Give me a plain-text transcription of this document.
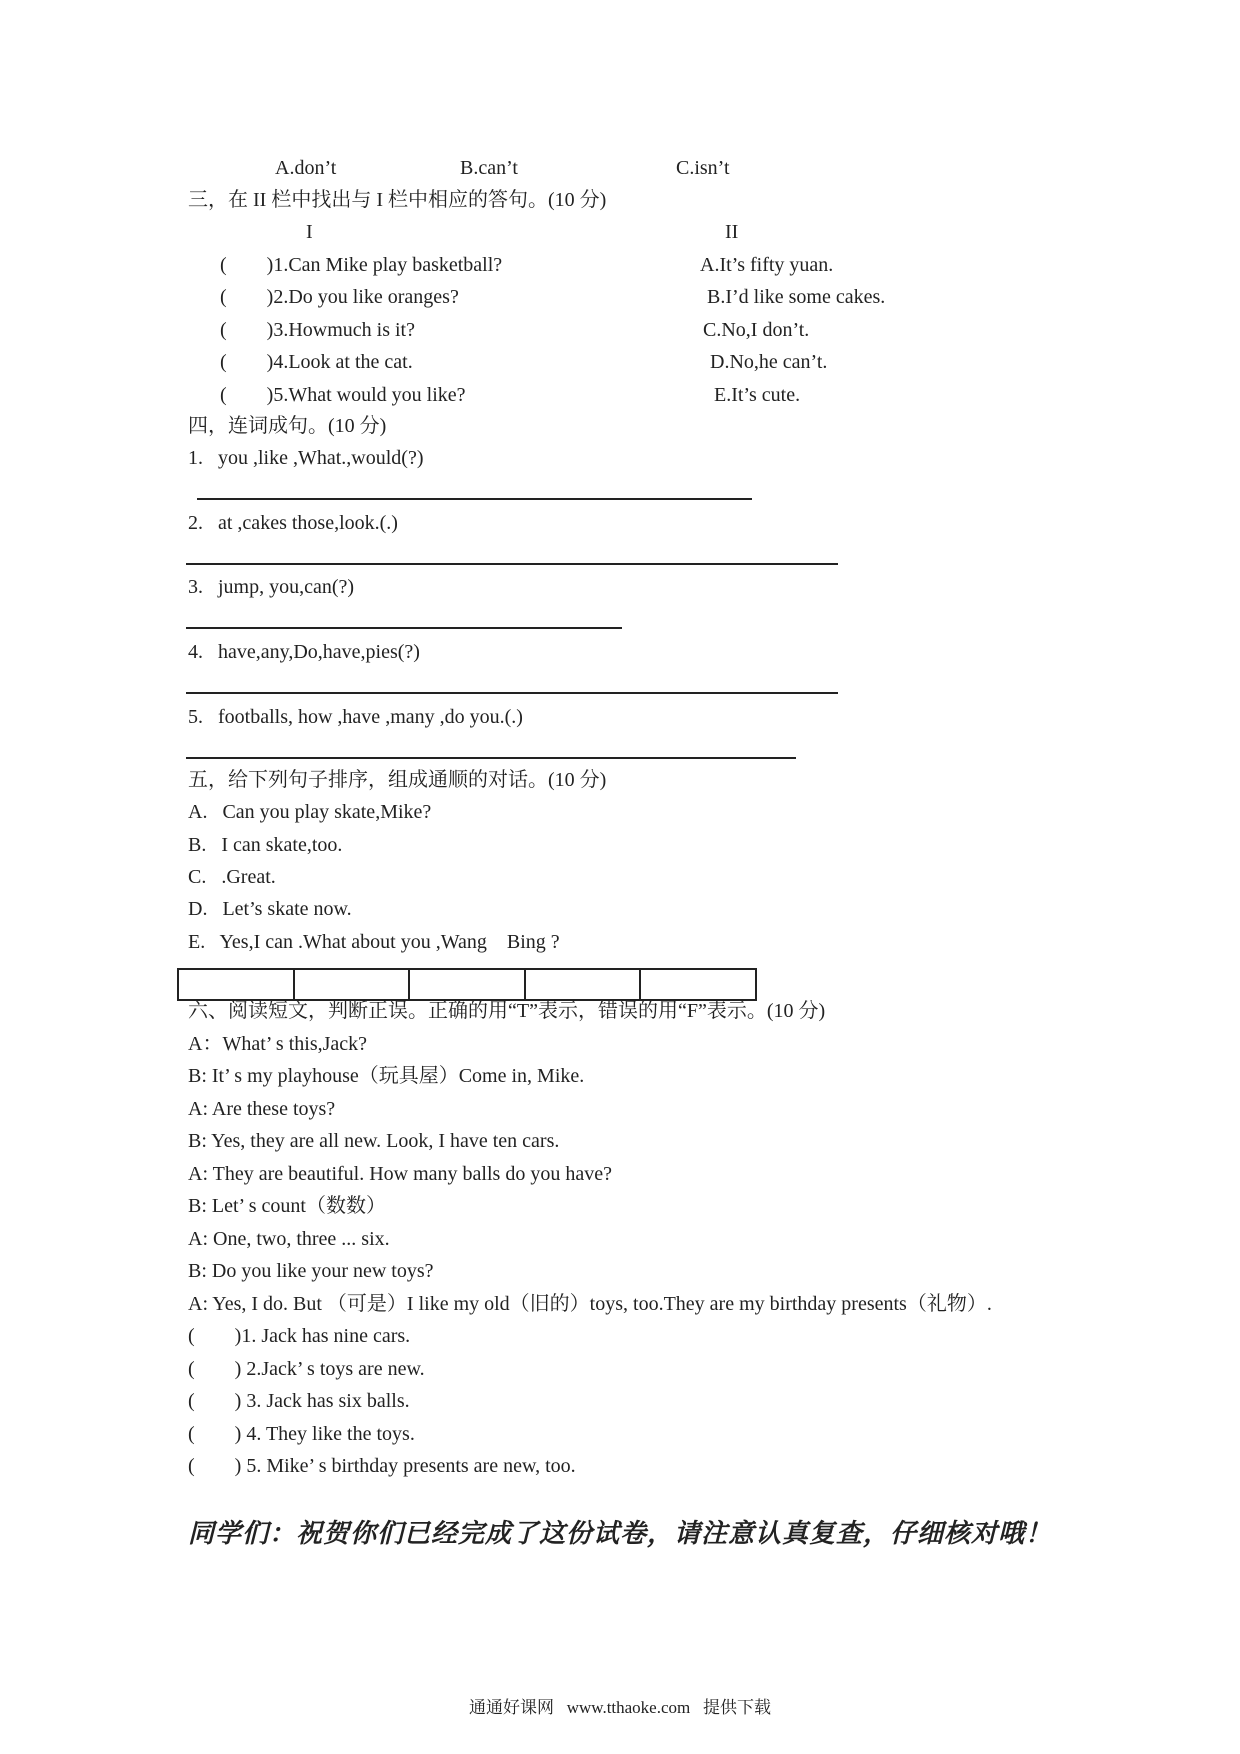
A.don’t	B.can’t	C.isn’t
三，在 II 栏中找出与 I 栏中相应的答句。(10 分)
I	II
(        )1.Can Mike play basketball?	A.It’s fifty yuan.
(        )2.Do you like oranges?	B.I’d like some cakes.
(        )3.Howmuch is it?	C.No,I don’t.
(        )4.Look at the cat.	D.No,he can’t.
(        )5.What would you like?	E.It’s cute.
四，连词成句。(10 分)
1.   you ,like ,What.,would(?)
2.   at ,cakes those,look.(.)
3.   jump, you,can(?)
4.   have,any,Do,have,pies(?)
5.   footballs, how ,have ,many ,do you.(.)
五，给下列句子排序，组成通顺的对话。(10 分)
A.   Can you play skate,Mike?
B.   I can skate,too.
C.   .Great.
D.   Let’s skate now.
E.   Yes,I can .What about you ,Wang    Bing ?
六、阅读短文，判断正误。正确的用“T”表示，错误的用“F”表示。(10 分)
A：What’ s this,Jack?
B: It’ s my playhouse（玩具屋）Come in, Mike.
A: Are these toys?
B: Yes, they are all new. Look, I have ten cars.
A: They are beautiful. How many balls do you have?
B: Let’ s count（数数）
A: One, two, three ... six.
B: Do you like your new toys?
A: Yes, I do. But （可是）I like my old（旧的）toys, too.They are my birthday presents（礼物）.
(        )1. Jack has nine cars.
(        ) 2.Jack’ s toys are new.
(        ) 3. Jack has six balls.
(        ) 4. They like the toys.
(        ) 5. Mike’ s birthday presents are new, too.
同学们：祝贺你们已经完成了这份试卷，请注意认真复查，仔细核对哦！
通通好课网   www.tthaoke.com   提供下载
